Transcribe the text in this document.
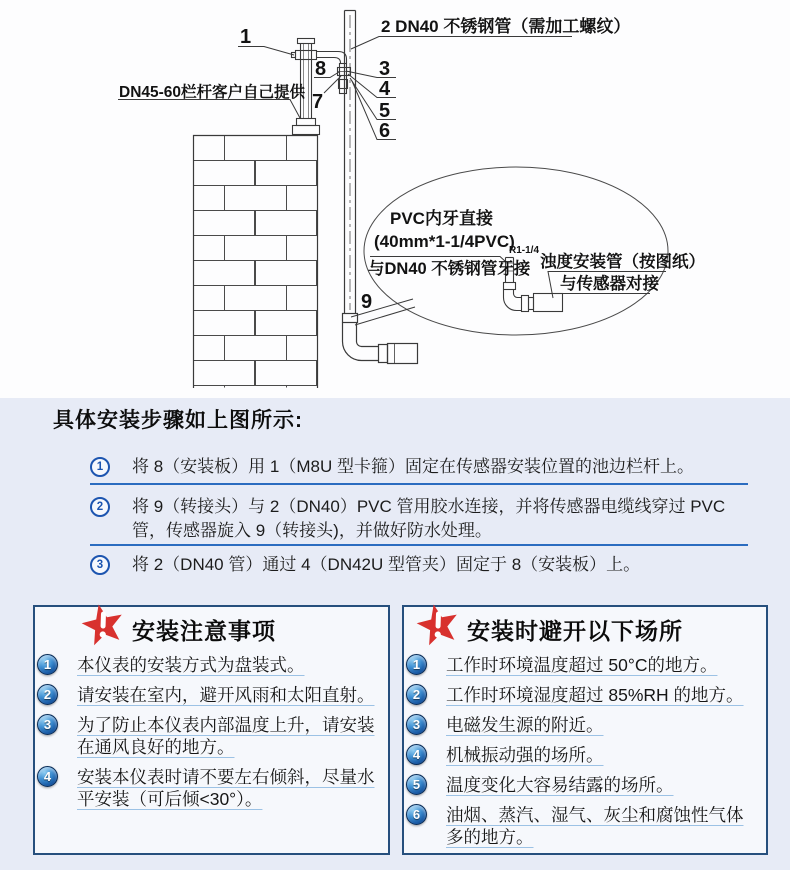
1	2 DN40 不锈钢管（需加工螺纹）
8	3
4
7	5
6
DN45-60栏杆客户自己提供
PVC内牙直接
(40mm*1-1/4PVC)
与DN40 不锈钢管牙接
R1-1/4
浊度安装管（按图纸）
与传感器对接
9
具体安装步骤如上图所示:
1	将 8（安装板）用 1（M8U 型卡箍）固定在传感器安装位置的池边栏杆上。

2	将 9（转接头）与 2（DN40）PVC 管用胶水连接，并将传感器电缆线穿过 PVC 管，传感器旋入 9（转接头)，并做好防水处理。

3	将 2（DN40 管）通过 4（DN42U 型管夹）固定于 8（安装板）上。

安装注意事项
1	本仪表的安装方式为盘装式。
2	请安装在室内，避开风雨和太阳直射。
3	为了防止本仪表内部温度上升，请安装在通风良好的地方。
4	安装本仪表时请不要左右倾斜，尽量水平安装（可后倾<30°）。
安装时避开以下场所
1	工作时环境温度超过 50°C的地方。
2	工作时环境湿度超过 85%RH 的地方。
3	电磁发生源的附近。
4	机械振动强的场所。
5	温度变化大容易结露的场所。
6	油烟、蒸汽、湿气、灰尘和腐蚀性气体多的地方。
